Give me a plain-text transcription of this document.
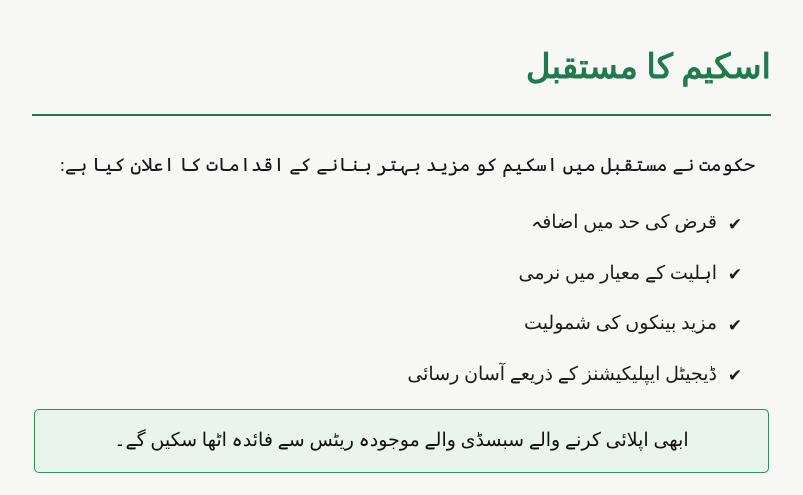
اسکیم کا مستقبل

حکومت نے مستقبل میں اسکیم کو مزید بہتر بنانے کے اقدامات کا اعلان کیا ہے:

✔
قرض کی حد میں اضافہ
✔
اہلیت کے معیار میں نرمی
✔
مزید بینکوں کی شمولیت
✔
ڈیجیٹل ایپلیکیشنز کے ذریعے آسان رسائی
ابھی اپلائی کرنے والے سبسڈی والے موجودہ ریٹس سے فائدہ اٹھا سکیں گے۔
